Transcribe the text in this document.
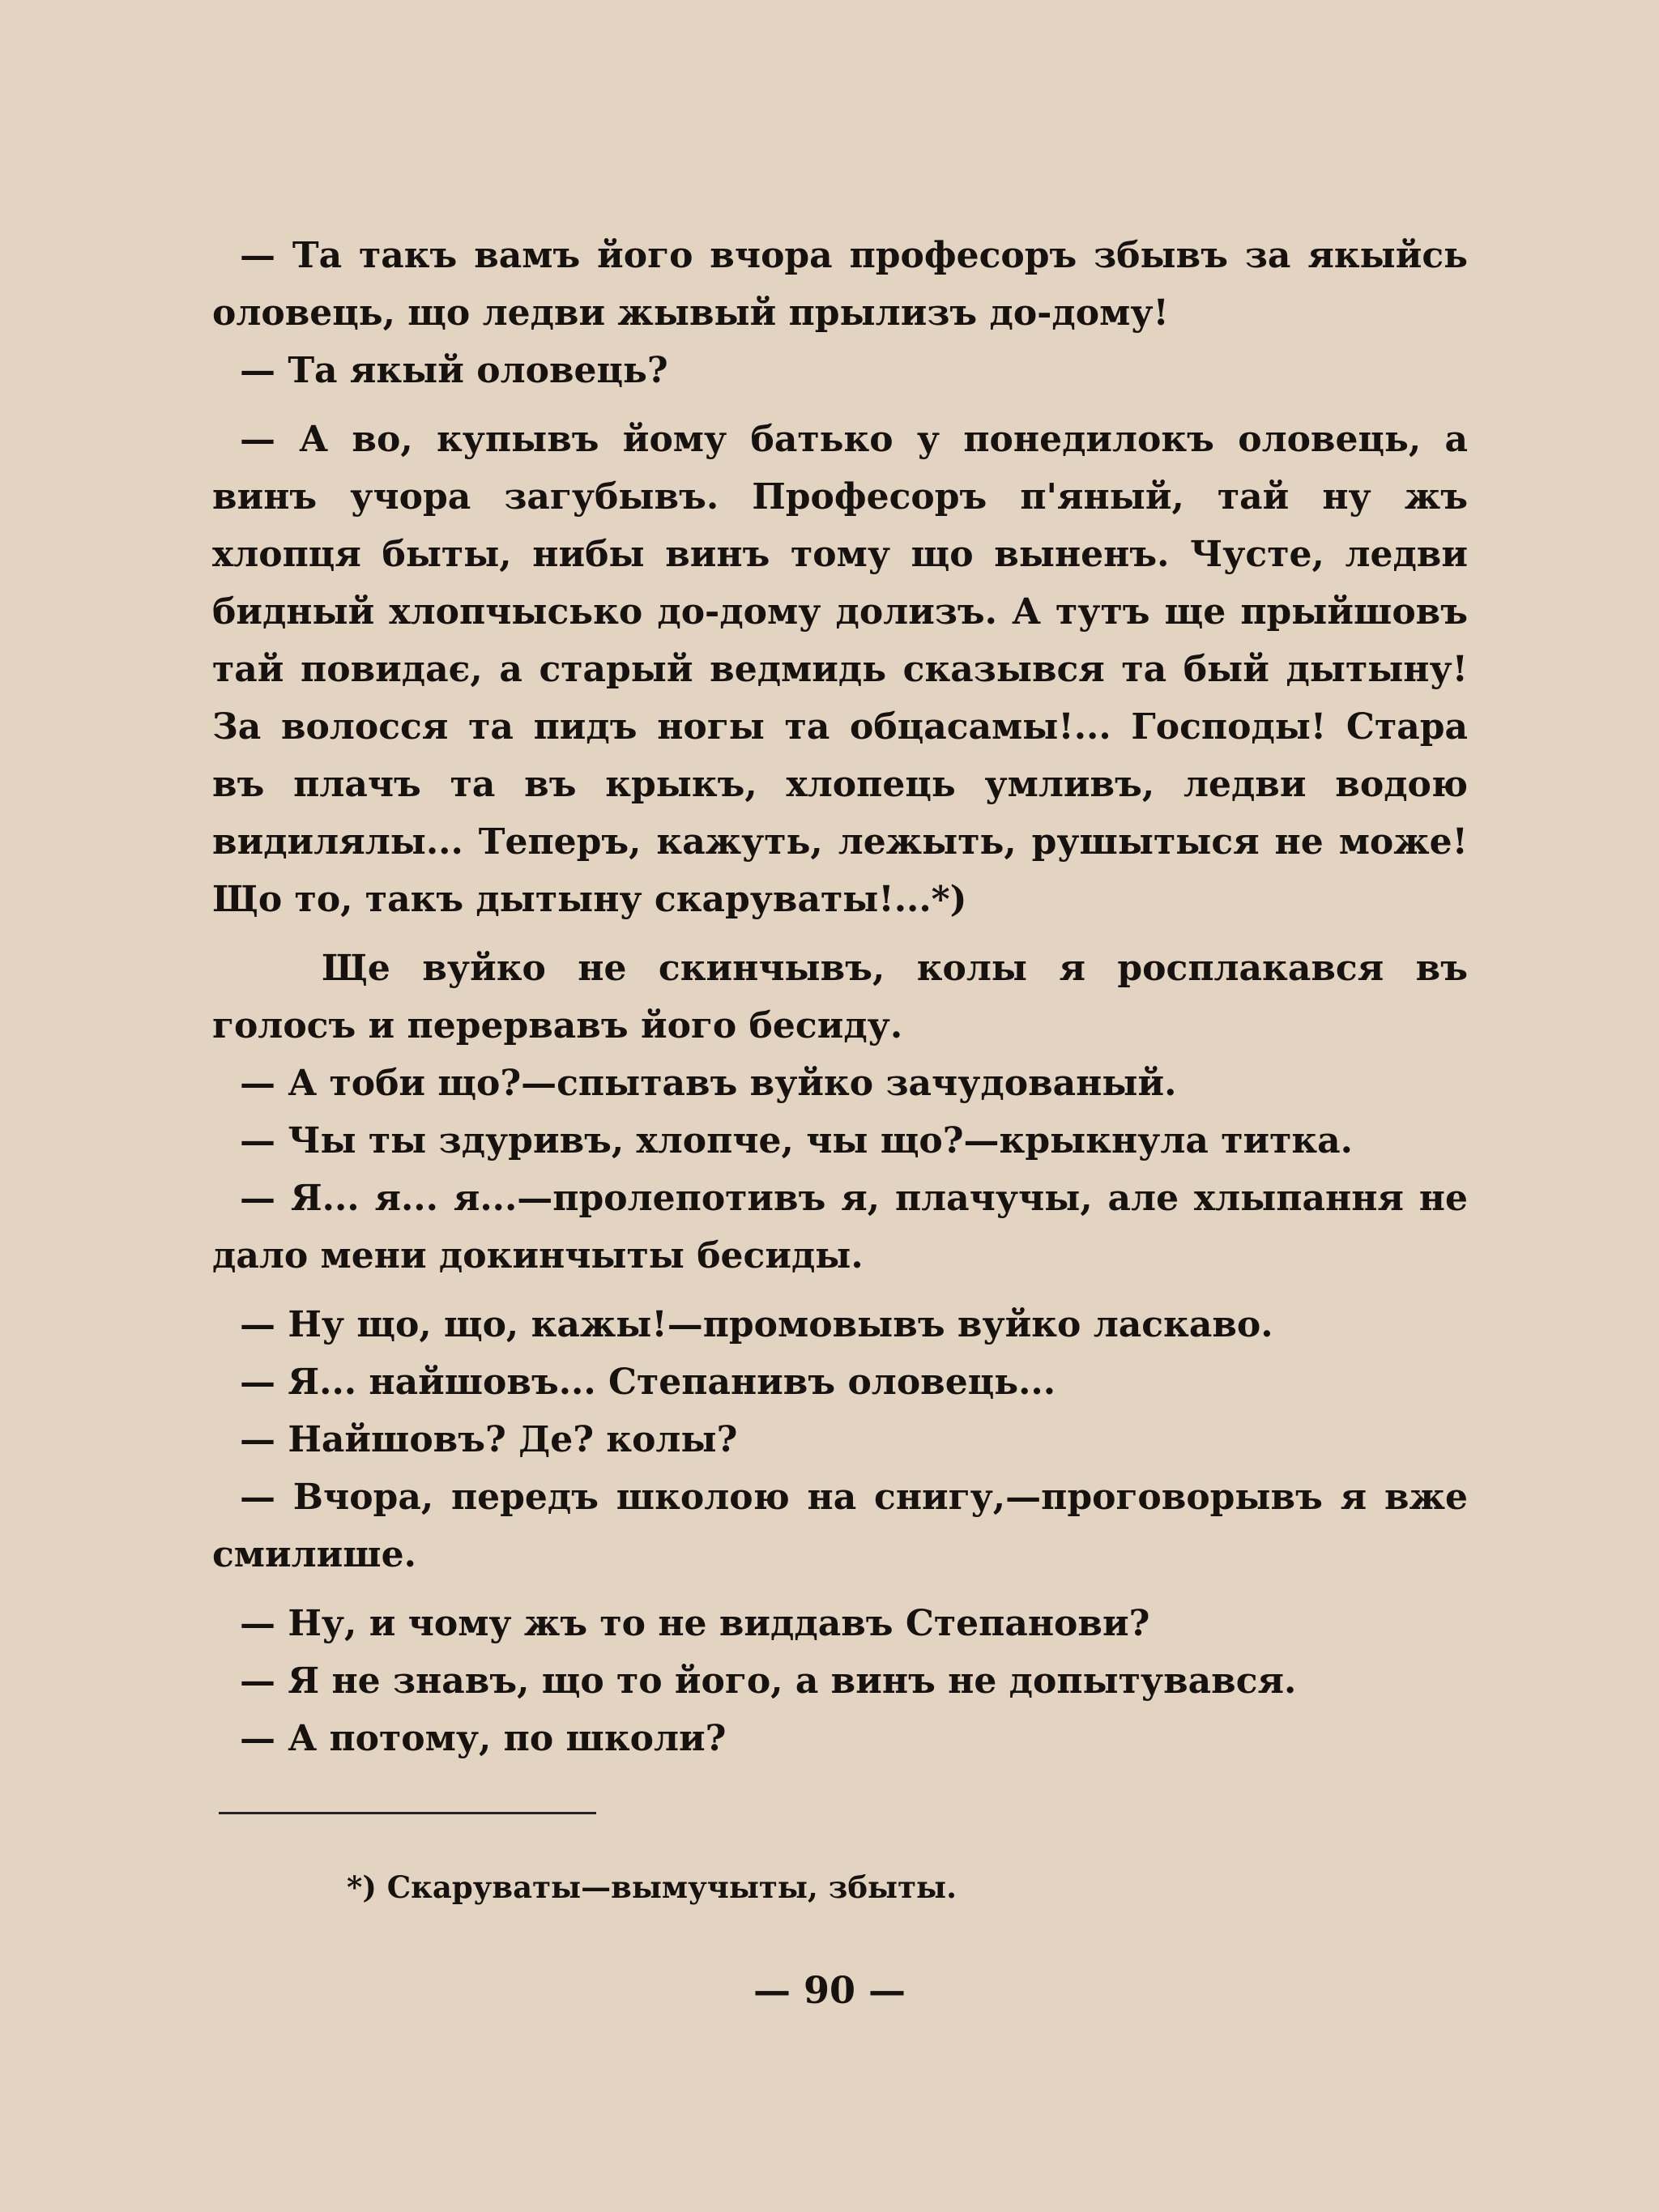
— Та такъ вамъ його вчора професоръ збывъ за якыйсь оловець, що ледви жывый прылизъ до-дому!

— Та якый оловець?

— А во, купывъ йому батько у понедилокъ оловець, а винъ учора загубывъ. Професоръ п'яный, тай ну жъ хлопця быты, нибы винъ тому що выненъ. Чусте, ледви бидный хлопчысько до-дому долизъ. А тутъ ще прыйшовъ тай повидає, а старый ведмидь сказывся та бый дытыну! За волосся та пидъ ногы та обцасамы!... Господы! Стара въ плачъ та въ крыкъ, хлопець умливъ, ледви водою видилялы... Теперъ, кажуть, лежыть, рушытыся не може! Що то, такъ дытыну скаруваты!...*)

Ще вуйко не скинчывъ, колы я росплакався въ голосъ и перервавъ його бесиду.

— А тоби що?—спытавъ вуйко зачудованый.

— Чы ты здуривъ, хлопче, чы що?—крыкнула титка.

— Я... я... я...—пролепотивъ я, плачучы, але хлыпання не дало мени докинчыты бесиды.

— Ну що, що, кажы!—промовывъ вуйко ласкаво.

— Я... найшовъ... Степанивъ оловець...

— Найшовъ? Де? колы?

— Вчора, передъ школою на снигу,—проговорывъ я вже смилише.

— Ну, и чому жъ то не виддавъ Степанови?

— Я не знавъ, що то його, а винъ не допытувався.

— А потому, по школи?

*) Скаруваты—вымучыты, збыты.
— 90 —
